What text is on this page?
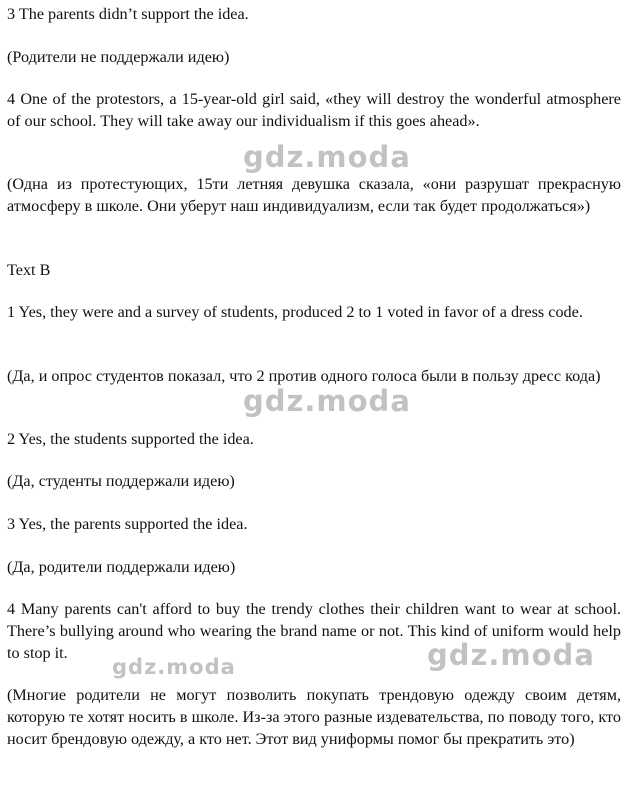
3 The parents didn’t support the idea.

(Родители не поддержали идею)

4 One of the protestors, a 15-year-old girl said, «they will destroy the wonderful atmosphere of our school. They will take away our individualism if this goes ahead».

(Одна из протестующих, 15ти летняя девушка сказала, «они разрушат прекрасную атмосферу в школе. Они уберут наш индивидуализм, если так будет продолжаться»)

Text B

1 Yes, they were and a survey of students, produced 2 to 1 voted in favor of a dress code.

(Да, и опрос студентов показал, что 2 против одного голоса были в пользу дресс кода)

2 Yes, the students supported the idea.

(Да, студенты поддержали идею)

3 Yes, the parents supported the idea.

(Да, родители поддержали идею)

4 Many parents can't afford to buy the trendy clothes their children want to wear at school. There’s bullying around who wearing the brand name or not. This kind of uniform would help to stop it.

(Многие родители не могут позволить покупать трендовую одежду своим детям, которую те хотят носить в школе. Из-за этого разные издевательства, по поводу того, кто носит брендовую одежду, а кто нет. Этот вид униформы помог бы прекратить это)

gdz.moda
gdz.moda
gdz.moda
gdz.moda
